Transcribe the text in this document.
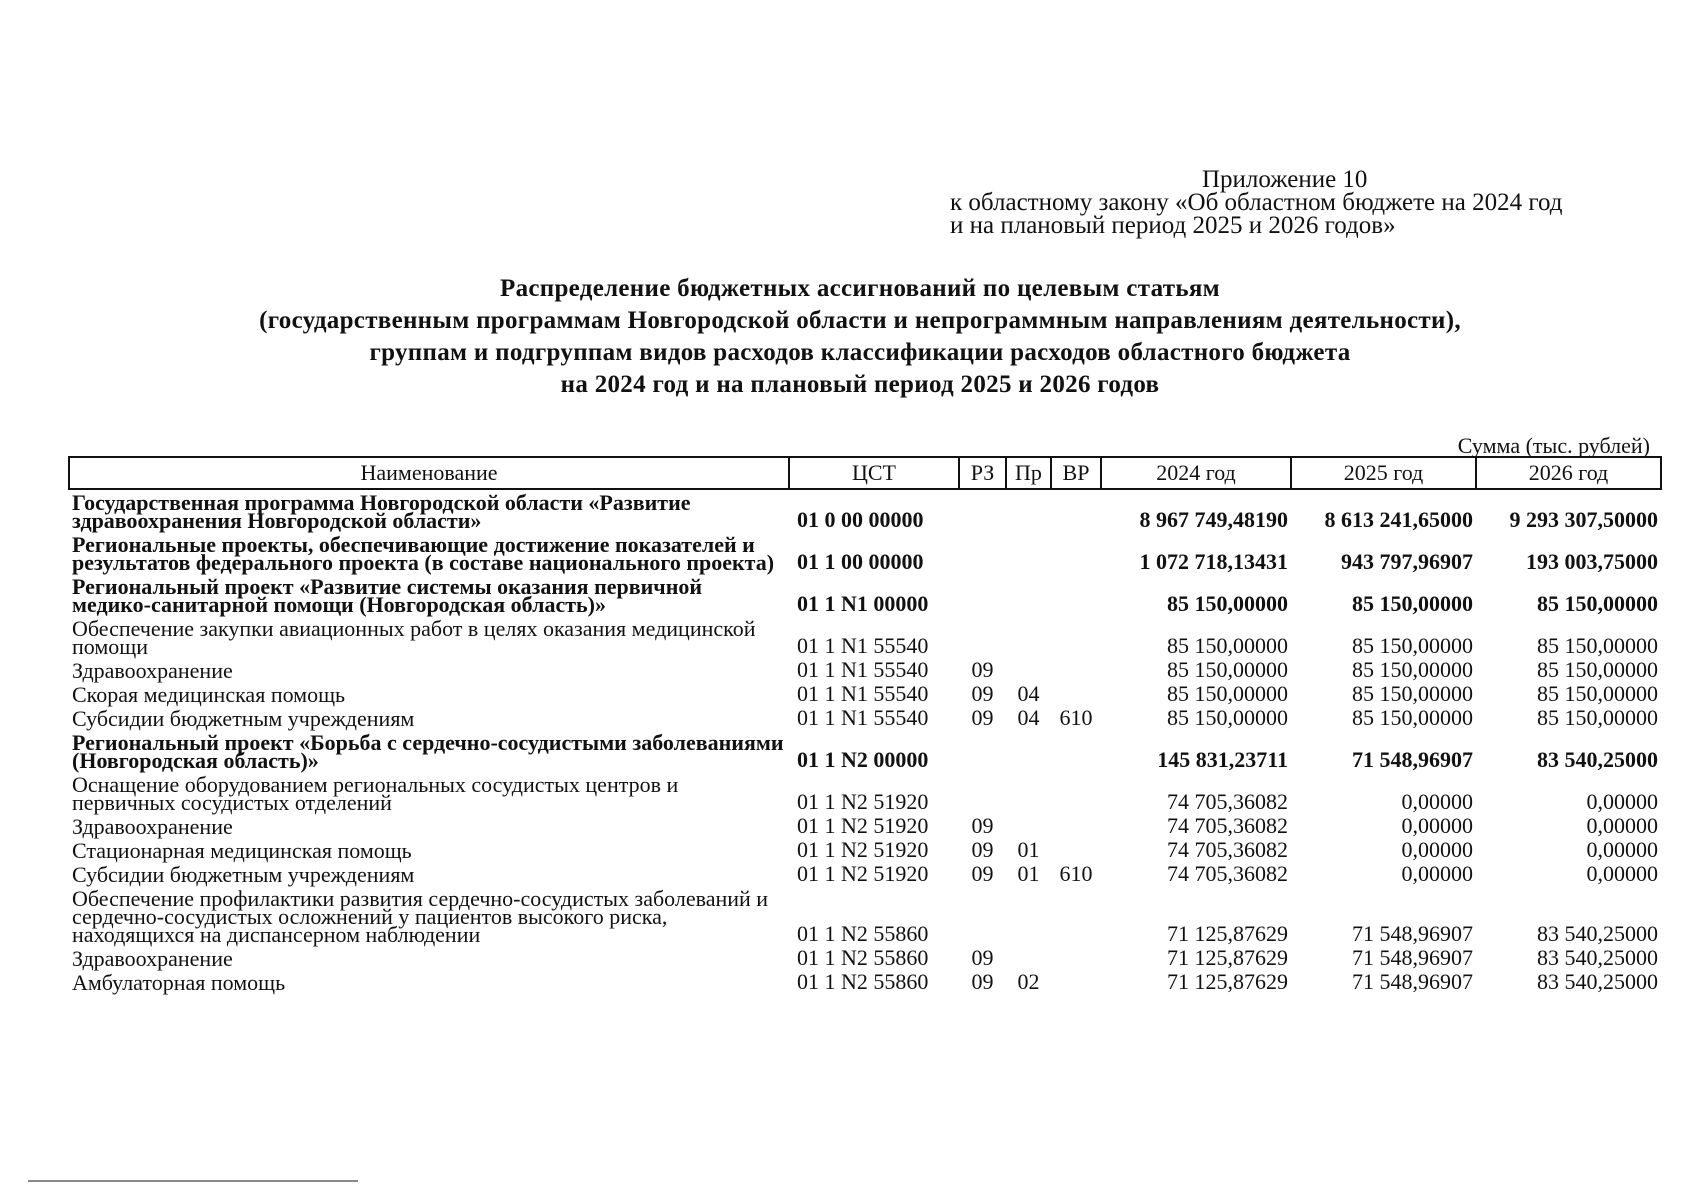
Приложение 10
к областному закону «Об областном бюджете на 2024 год
и на плановый период 2025 и 2026 годов»
Распределение бюджетных ассигнований по целевым статьям
(государственным программам Новгородской области и непрограммным направлениям деятельности),
группам и подгруппам видов расходов классификации расходов областного бюджета
на 2024 год и на плановый период 2025 и 2026 годов
Сумма (тыс. рублей)
Наименование	ЦСТ	РЗ	Пр	ВР	2024 год	2025 год	2026 год
Государственная программа Новгородской области «Развитие здравоохранения Новгородской области»	01 0 00 00000				8 967 749,48190	8 613 241,65000	9 293 307,50000
Региональные проекты, обеспечивающие достижение показателей и результатов федерального проекта (в составе национального проекта)	01 1 00 00000				1 072 718,13431	943 797,96907	193 003,75000
Региональный проект «Развитие системы оказания первичной медико-санитарной помощи (Новгородская область)»	01 1 N1 00000				85 150,00000	85 150,00000	85 150,00000
Обеспечение закупки авиационных работ в целях оказания медицинской помощи	01 1 N1 55540				85 150,00000	85 150,00000	85 150,00000
Здравоохранение	01 1 N1 55540	09			85 150,00000	85 150,00000	85 150,00000
Скорая медицинская помощь	01 1 N1 55540	09	04		85 150,00000	85 150,00000	85 150,00000
Субсидии бюджетным учреждениям	01 1 N1 55540	09	04	610	85 150,00000	85 150,00000	85 150,00000
Региональный проект «Борьба с сердечно-сосудистыми заболеваниями (Новгородская область)»	01 1 N2 00000				145 831,23711	71 548,96907	83 540,25000
Оснащение оборудованием региональных сосудистых центров и первичных сосудистых отделений	01 1 N2 51920				74 705,36082	0,00000	0,00000
Здравоохранение	01 1 N2 51920	09			74 705,36082	0,00000	0,00000
Стационарная медицинская помощь	01 1 N2 51920	09	01		74 705,36082	0,00000	0,00000
Субсидии бюджетным учреждениям	01 1 N2 51920	09	01	610	74 705,36082	0,00000	0,00000
Обеспечение профилактики развития сердечно-сосудистых заболеваний и сердечно-сосудистых осложнений у пациентов высокого риска, находящихся на диспансерном наблюдении	01 1 N2 55860				71 125,87629	71 548,96907	83 540,25000
Здравоохранение	01 1 N2 55860	09			71 125,87629	71 548,96907	83 540,25000
Амбулаторная помощь	01 1 N2 55860	09	02		71 125,87629	71 548,96907	83 540,25000
